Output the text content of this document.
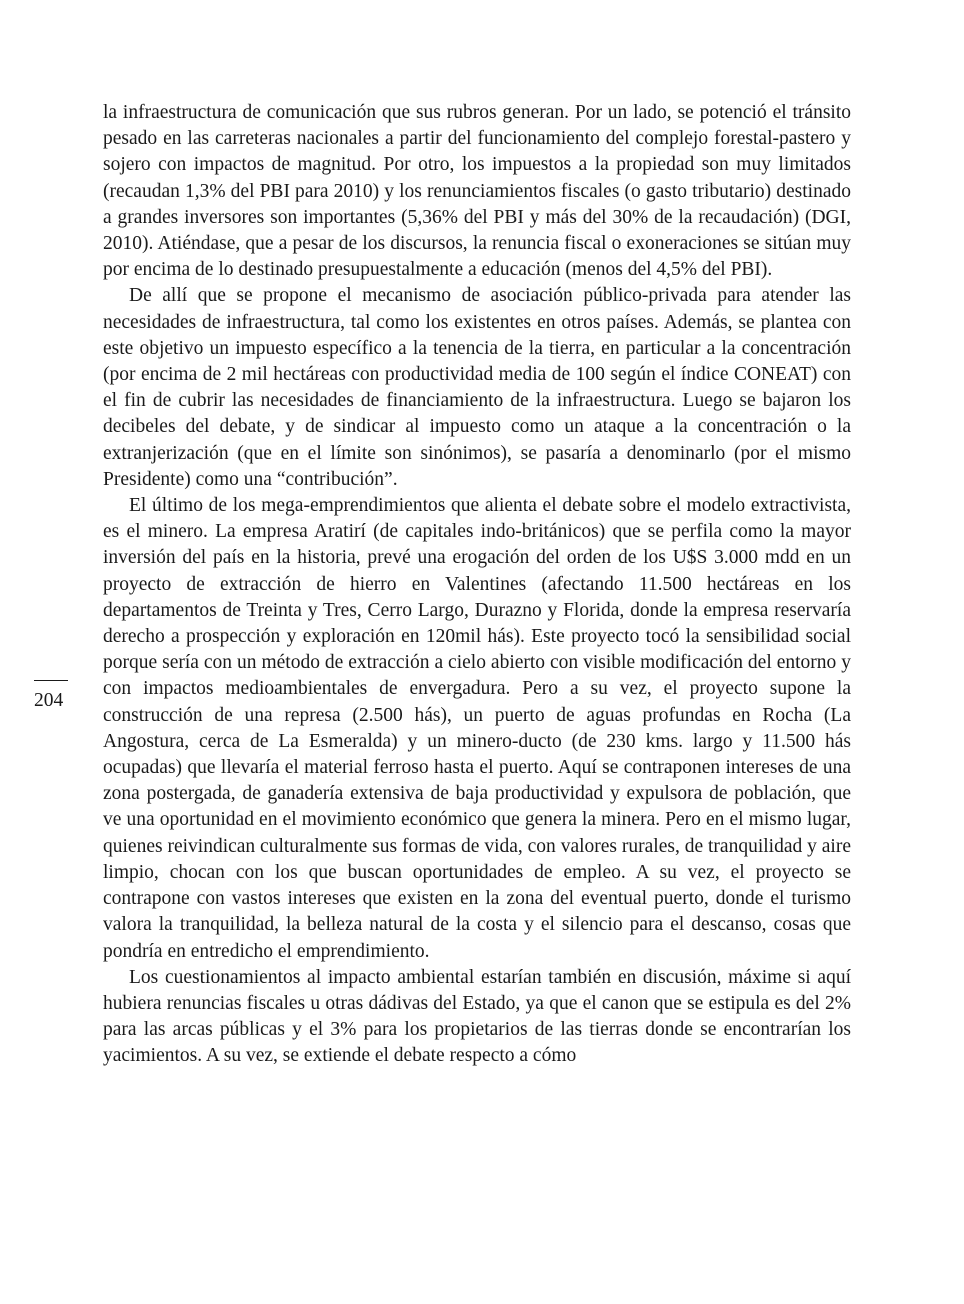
la infraestructura de comunicación que sus rubros generan. Por un lado, se potenció el tránsito pesado en las carreteras nacionales a partir del funcionamiento del complejo forestal-pastero y sojero con impactos de magnitud. Por otro, los impuestos a la propiedad son muy limitados (recaudan 1,3% del PBI para 2010) y los renunciamientos fiscales (o gasto tributario) destinado a grandes inversores son importantes (5,36% del PBI y más del 30% de la recaudación) (DGI, 2010). Atiéndase, que a pesar de los discursos, la renuncia fiscal o exoneraciones se sitúan muy por encima de lo destinado presupuestalmente a educación (menos del 4,5% del PBI).

De allí que se propone el mecanismo de asociación público-privada para atender las necesidades de infraestructura, tal como los existentes en otros países. Además, se plantea con este objetivo un impuesto específico a la tenencia de la tierra, en particular a la concentración (por encima de 2 mil hectáreas con productividad media de 100 según el índice CONEAT) con el fin de cubrir las necesidades de financiamiento de la infraestructura. Luego se bajaron los decibeles del debate, y de sindicar al impuesto como un ataque a la concentración o la extranjerización (que en el límite son sinónimos), se pasaría a denominarlo (por el mismo Presidente) como una “contribución”.

El último de los mega-emprendimientos que alienta el debate sobre el modelo extractivista, es el minero. La empresa Aratirí (de capitales indo-británicos) que se perfila como la mayor inversión del país en la historia, prevé una erogación del orden de los U$S 3.000 mdd en un proyecto de extracción de hierro en Valentines (afectando 11.500 hectáreas en los departamentos de Treinta y Tres, Cerro Largo, Durazno y Florida, donde la empresa reservaría derecho a prospección y exploración en 120mil hás). Este proyecto tocó la sensibilidad social porque sería con un método de extracción a cielo abierto con visible modificación del entorno y con impactos medioambientales de envergadura. Pero a su vez, el proyecto supone la construcción de una represa (2.500 hás), un puerto de aguas profundas en Rocha (La Angostura, cerca de La Esmeralda) y un minero-ducto (de 230 kms. largo y 11.500 hás ocupadas) que llevaría el material ferroso hasta el puerto. Aquí se contraponen intereses de una zona postergada, de ganadería extensiva de baja productividad y expulsora de población, que ve una oportunidad en el movimiento económico que genera la minera. Pero en el mismo lugar, quienes reivindican culturalmente sus formas de vida, con valores rurales, de tranquilidad y aire limpio, chocan con los que buscan oportunidades de empleo. A su vez, el proyecto se contrapone con vastos intereses que existen en la zona del eventual puerto, donde el turismo valora la tranquilidad, la belleza natural de la costa y el silencio para el descanso, cosas que pondría en entredicho el emprendimiento.

Los cuestionamientos al impacto ambiental estarían también en discusión, máxime si aquí hubiera renuncias fiscales u otras dádivas del Estado, ya que el canon que se estipula es del 2% para las arcas públicas y el 3% para los propietarios de las tierras donde se encontrarían los yacimientos. A su vez, se extiende el debate respecto a cómo

204
